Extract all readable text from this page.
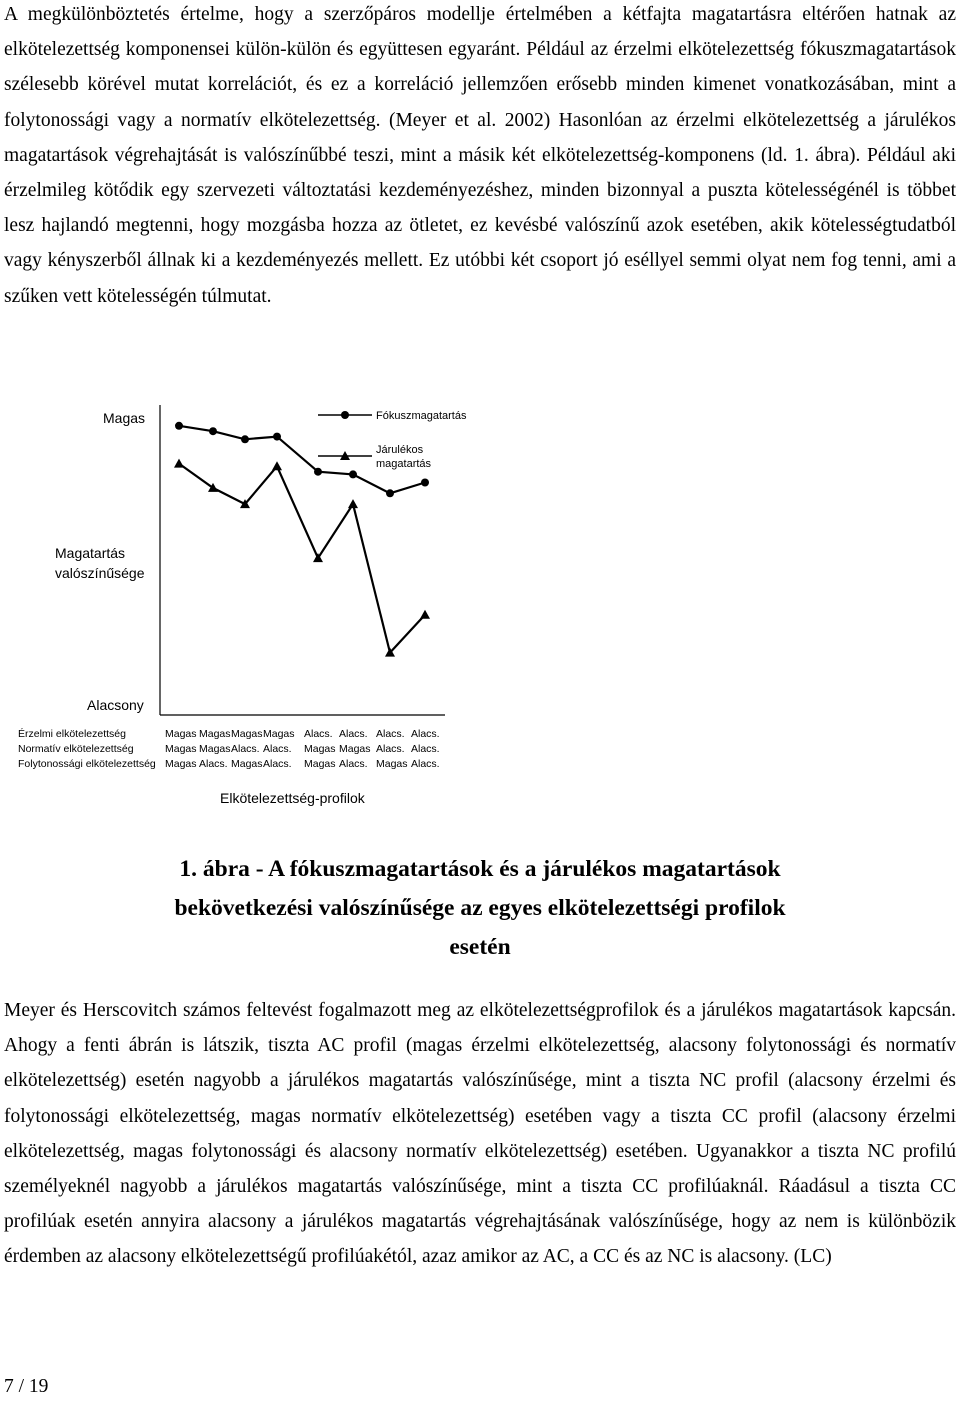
A megkülönböztetés értelme, hogy a szerzőpáros modellje értelmében a kétfajta magatartásra eltérően hatnak az elkötelezettség komponensei külön-külön és együttesen egyaránt. Például az érzelmi elkötelezettség fókuszmagatartások szélesebb körével mutat korrelációt, és ez a korreláció jellemzően erősebb minden kimenet vonatkozásában, mint a folytonossági vagy a normatív elkötelezettség. (Meyer et al. 2002) Hasonlóan az érzelmi elkötelezettség a járulékos magatartások végrehajtását is valószínűbbé teszi, mint a másik két elkötelezettség-komponens (ld. 1. ábra). Például aki érzelmileg kötődik egy szervezeti változtatási kezdeményezéshez, minden bizonnyal a puszta kötelességénél is többet lesz hajlandó megtenni, hogy mozgásba hozza az ötletet, ez kevésbé valószínű azok esetében, akik kötelességtudatból vagy kényszerből állnak ki a kezdeményezés mellett. Ez utóbbi két csoport jó eséllyel semmi olyat nem fog tenni, ami a szűken vett kötelességén túlmutat.

Magas
Magatartás
valószínűsége
Alacsony
Fókuszmagatartás
Járulékos
magatartás
Érzelmi elkötelezettség
Normatív elkötelezettség
Folytonossági elkötelezettség
Magas
Magas
Magas
Magas
Magas
Alacs.
Magas
Alacs.
Magas
Magas
Alacs.
Alacs.
Alacs.
Magas
Magas
Alacs.
Magas
Alacs.
Alacs.
Alacs.
Magas
Alacs.
Alacs.
Alacs.
Elkötelezettség-profilok

1. ábra - A fókuszmagatartások és a járulékos magatartások
bekövetkezési valószínűsége az egyes elkötelezettségi profilok
esetén

Meyer és Herscovitch számos feltevést fogalmazott meg az elkötelezettségprofilok és a járulékos magatartások kapcsán. Ahogy a fenti ábrán is látszik, tiszta AC profil (magas érzelmi elkötelezettség, alacsony folytonossági és normatív elkötelezettség) esetén nagyobb a járulékos magatartás valószínűsége, mint a tiszta NC profil (alacsony érzelmi és folytonossági elkötelezettség, magas normatív elkötelezettség) esetében vagy a tiszta CC profil (alacsony érzelmi elkötelezettség, magas folytonossági és alacsony normatív elkötelezettség) esetében. Ugyanakkor a tiszta NC profilú személyeknél nagyobb a járulékos magatartás valószínűsége, mint a tiszta CC profilúaknál. Ráadásul a tiszta CC profilúak esetén annyira alacsony a járulékos magatartás végrehajtásának valószínűsége, hogy az nem is különbözik érdemben az alacsony elkötelezettségű profilúakétól, azaz amikor az AC, a CC és az NC is alacsony. (LC)

7 / 19
